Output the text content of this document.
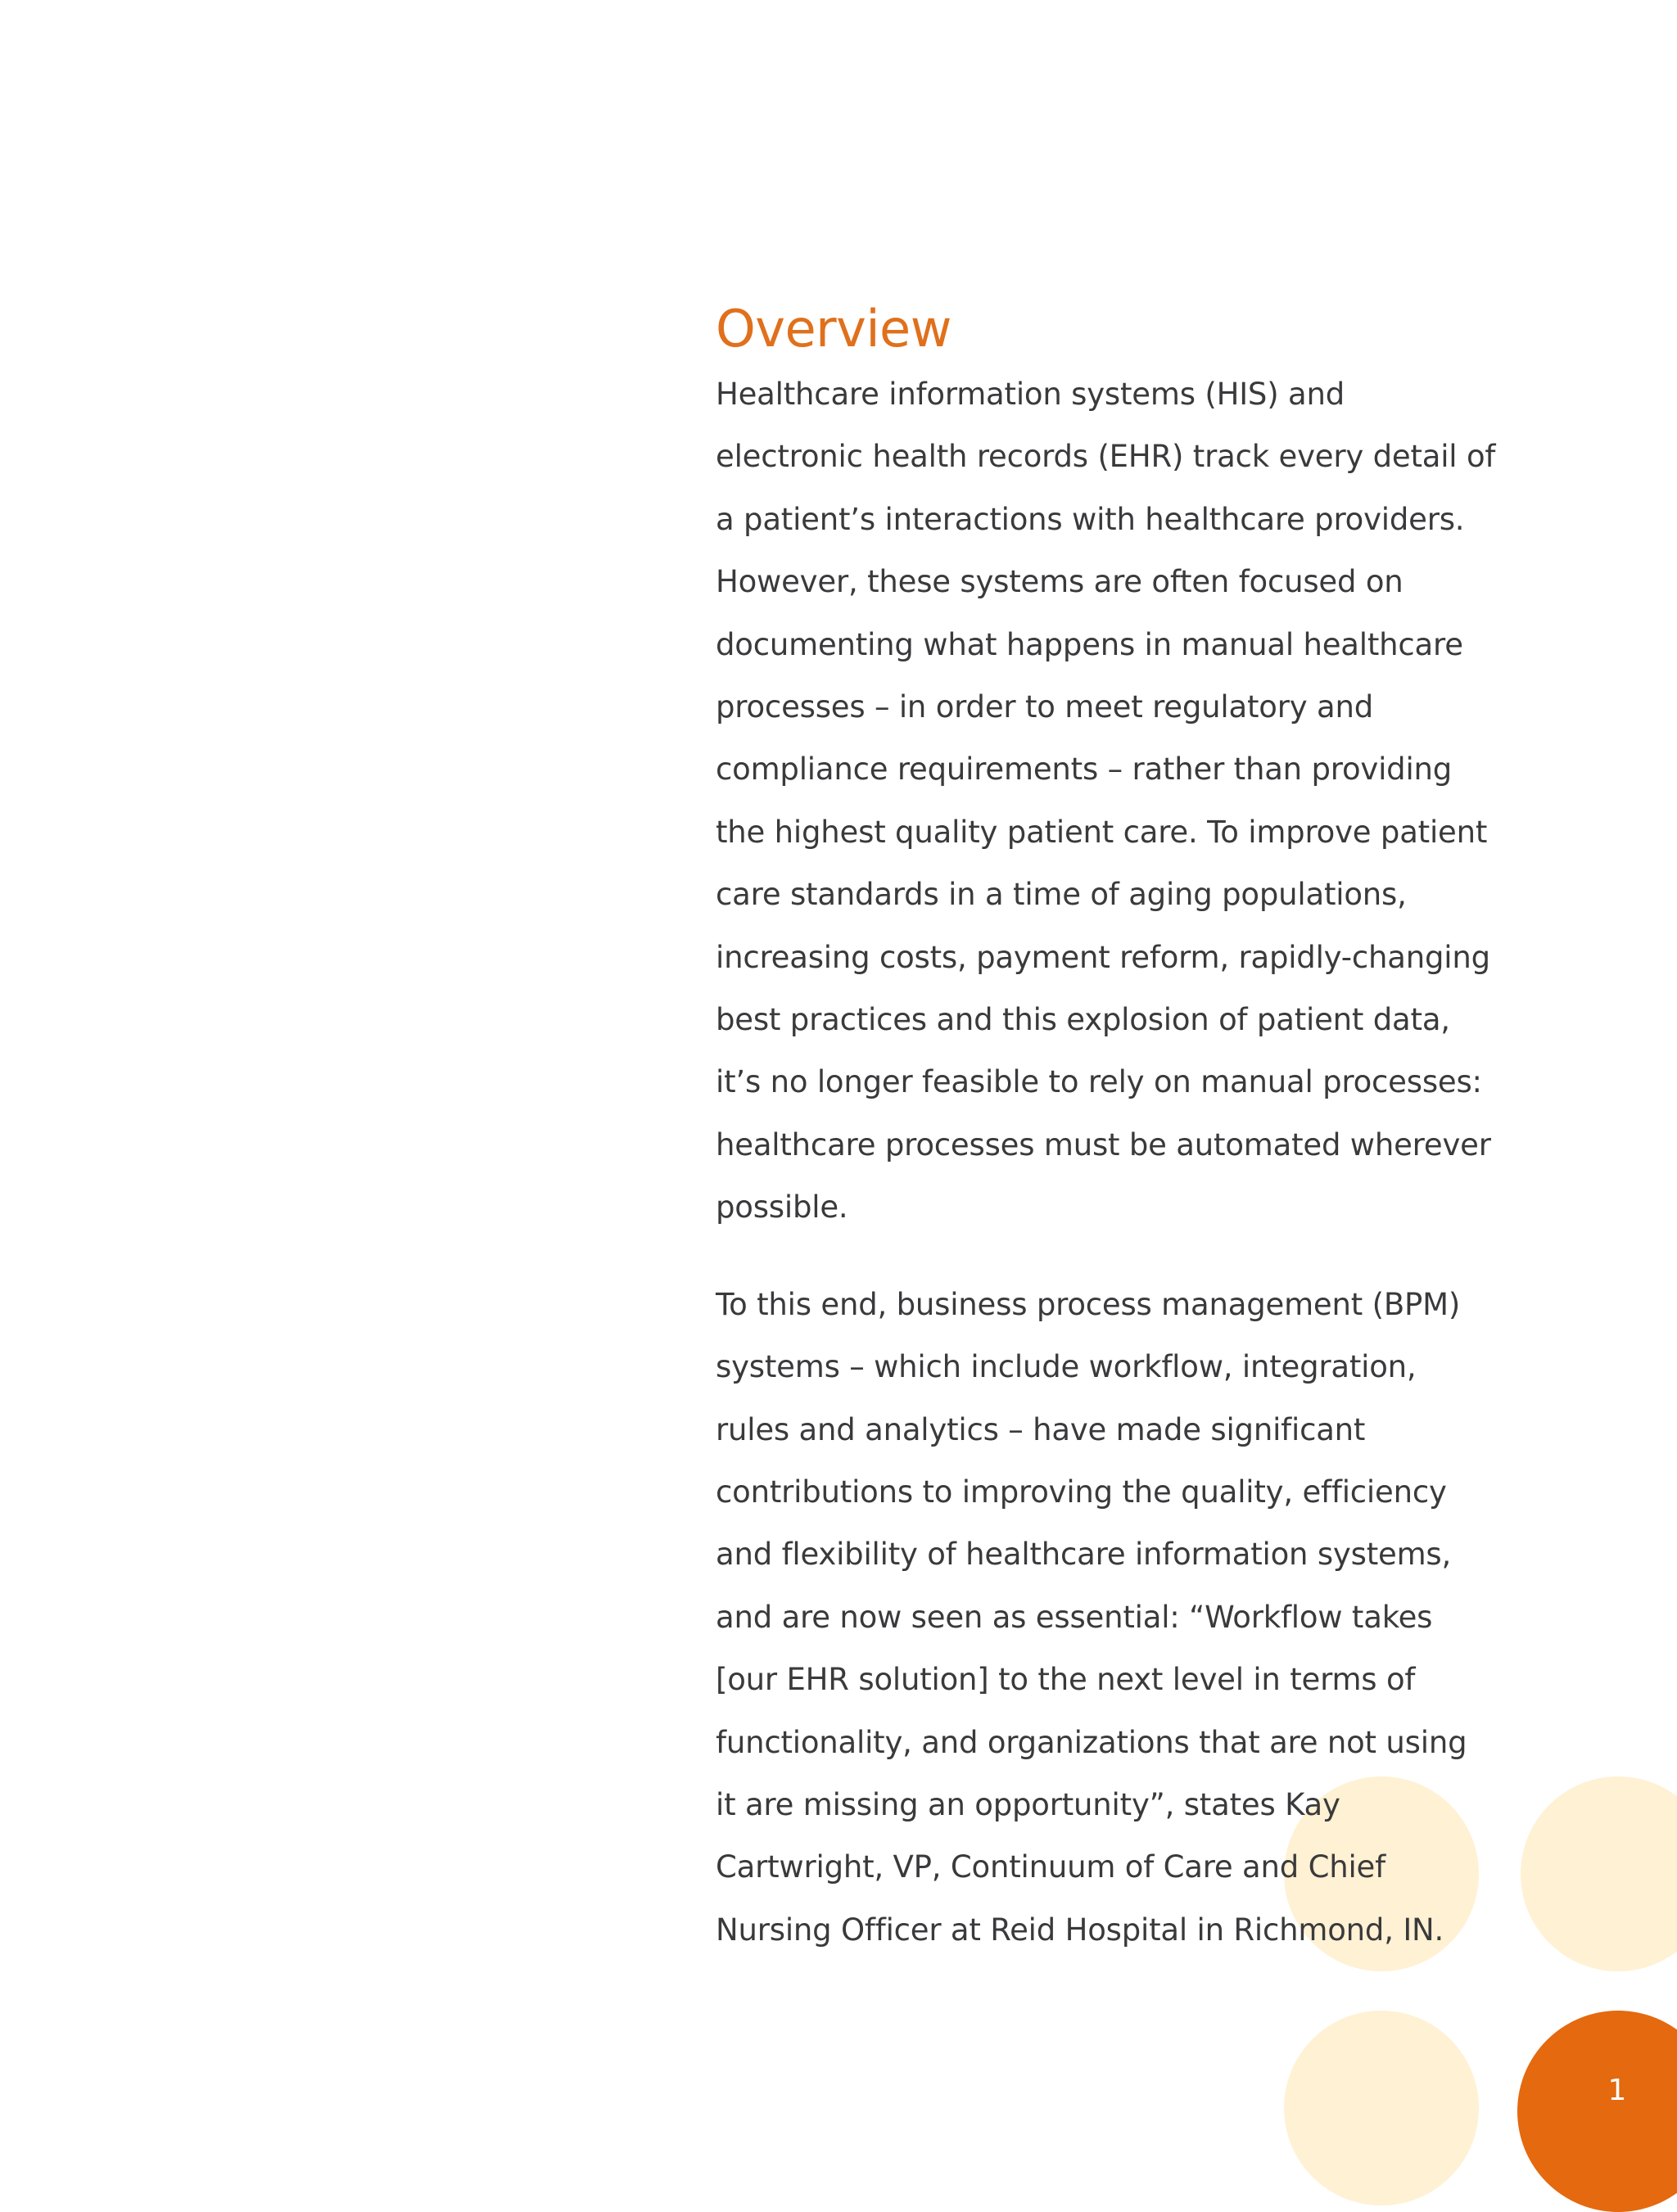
Overview

Healthcare information systems (HIS) and
electronic health records (EHR) track every detail of
a patient’s interactions with healthcare providers.
However, these systems are often focused on
documenting what happens in manual healthcare
processes – in order to meet regulatory and
compliance requirements – rather than providing
the highest quality patient care. To improve patient
care standards in a time of aging populations,
increasing costs, payment reform, rapidly-changing
best practices and this explosion of patient data,
it’s no longer feasible to rely on manual processes:
healthcare processes must be automated wherever
possible.

To this end, business process management (BPM)
systems – which include workflow, integration,
rules and analytics – have made significant
contributions to improving the quality, efficiency
and flexibility of healthcare information systems,
and are now seen as essential: “Workflow takes
[our EHR solution] to the next level in terms of
functionality, and organizations that are not using
it are missing an opportunity”, states Kay
Cartwright, VP, Continuum of Care and Chief
Nursing Officer at Reid Hospital in Richmond, IN.

1
